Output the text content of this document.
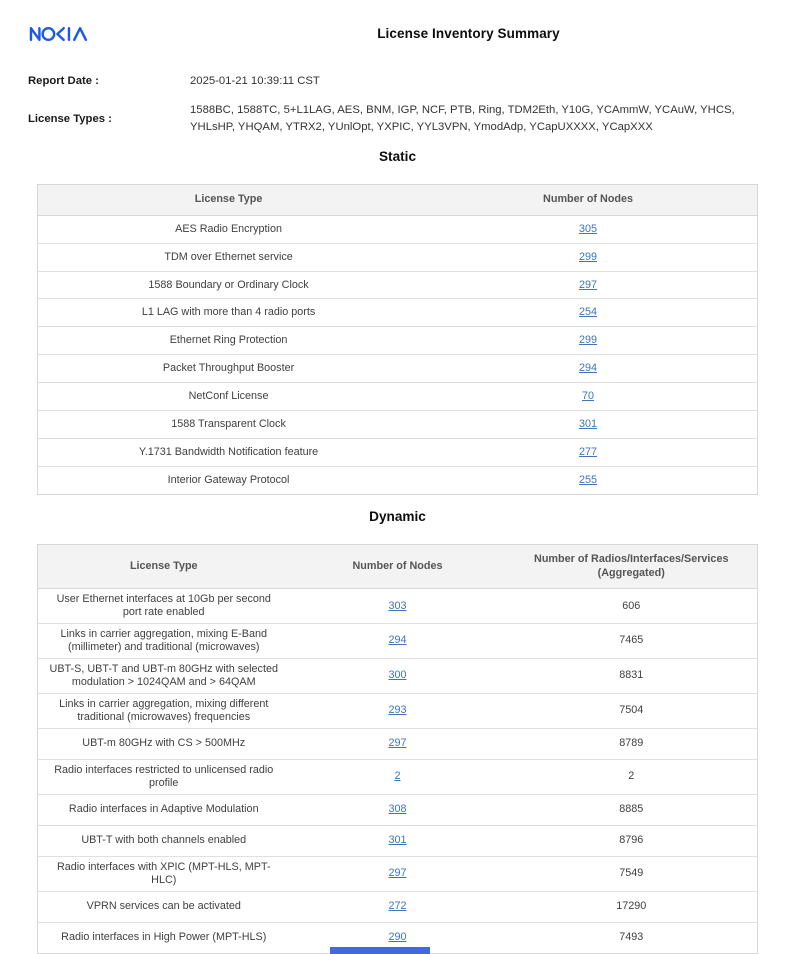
License Inventory Summary
Report Date :	2025-01-21 10:39:11 CST
License Types :
1588BC, 1588TC, 5+L1LAG, AES, BNM, IGP, NCF, PTB, Ring, TDM2Eth, Y10G, YCAmmW, YCAuW, YHCS, YHLsHP, YHQAM, YTRX2, YUnlOpt, YXPIC, YYL3VPN, YmodAdp, YCapUXXXX, YCapXXX
Static
License Type	Number of Nodes
AES Radio Encryption	305
TDM over Ethernet service	299
1588 Boundary or Ordinary Clock	297
L1 LAG with more than 4 radio ports	254
Ethernet Ring Protection	299
Packet Throughput Booster	294
NetConf License	70
1588 Transparent Clock	301
Y.1731 Bandwidth Notification feature	277
Interior Gateway Protocol	255
Dynamic
License Type	Number of Nodes	Number of Radios/Interfaces/Services (Aggregated)
User Ethernet interfaces at 10Gb per second port rate enabled	303	606
Links in carrier aggregation, mixing E-Band (millimeter) and traditional (microwaves)	294	7465
UBT-S, UBT-T and UBT-m 80GHz with selected modulation > 1024QAM and > 64QAM	300	8831
Links in carrier aggregation, mixing different traditional (microwaves) frequencies	293	7504
UBT-m 80GHz with CS > 500MHz	297	8789
Radio interfaces restricted to unlicensed radio profile	2	2
Radio interfaces in Adaptive Modulation	308	8885
UBT-T with both channels enabled	301	8796
Radio interfaces with XPIC (MPT-HLS, MPT-HLC)	297	7549
VPRN services can be activated	272	17290
Radio interfaces in High Power (MPT-HLS)	290	7493
